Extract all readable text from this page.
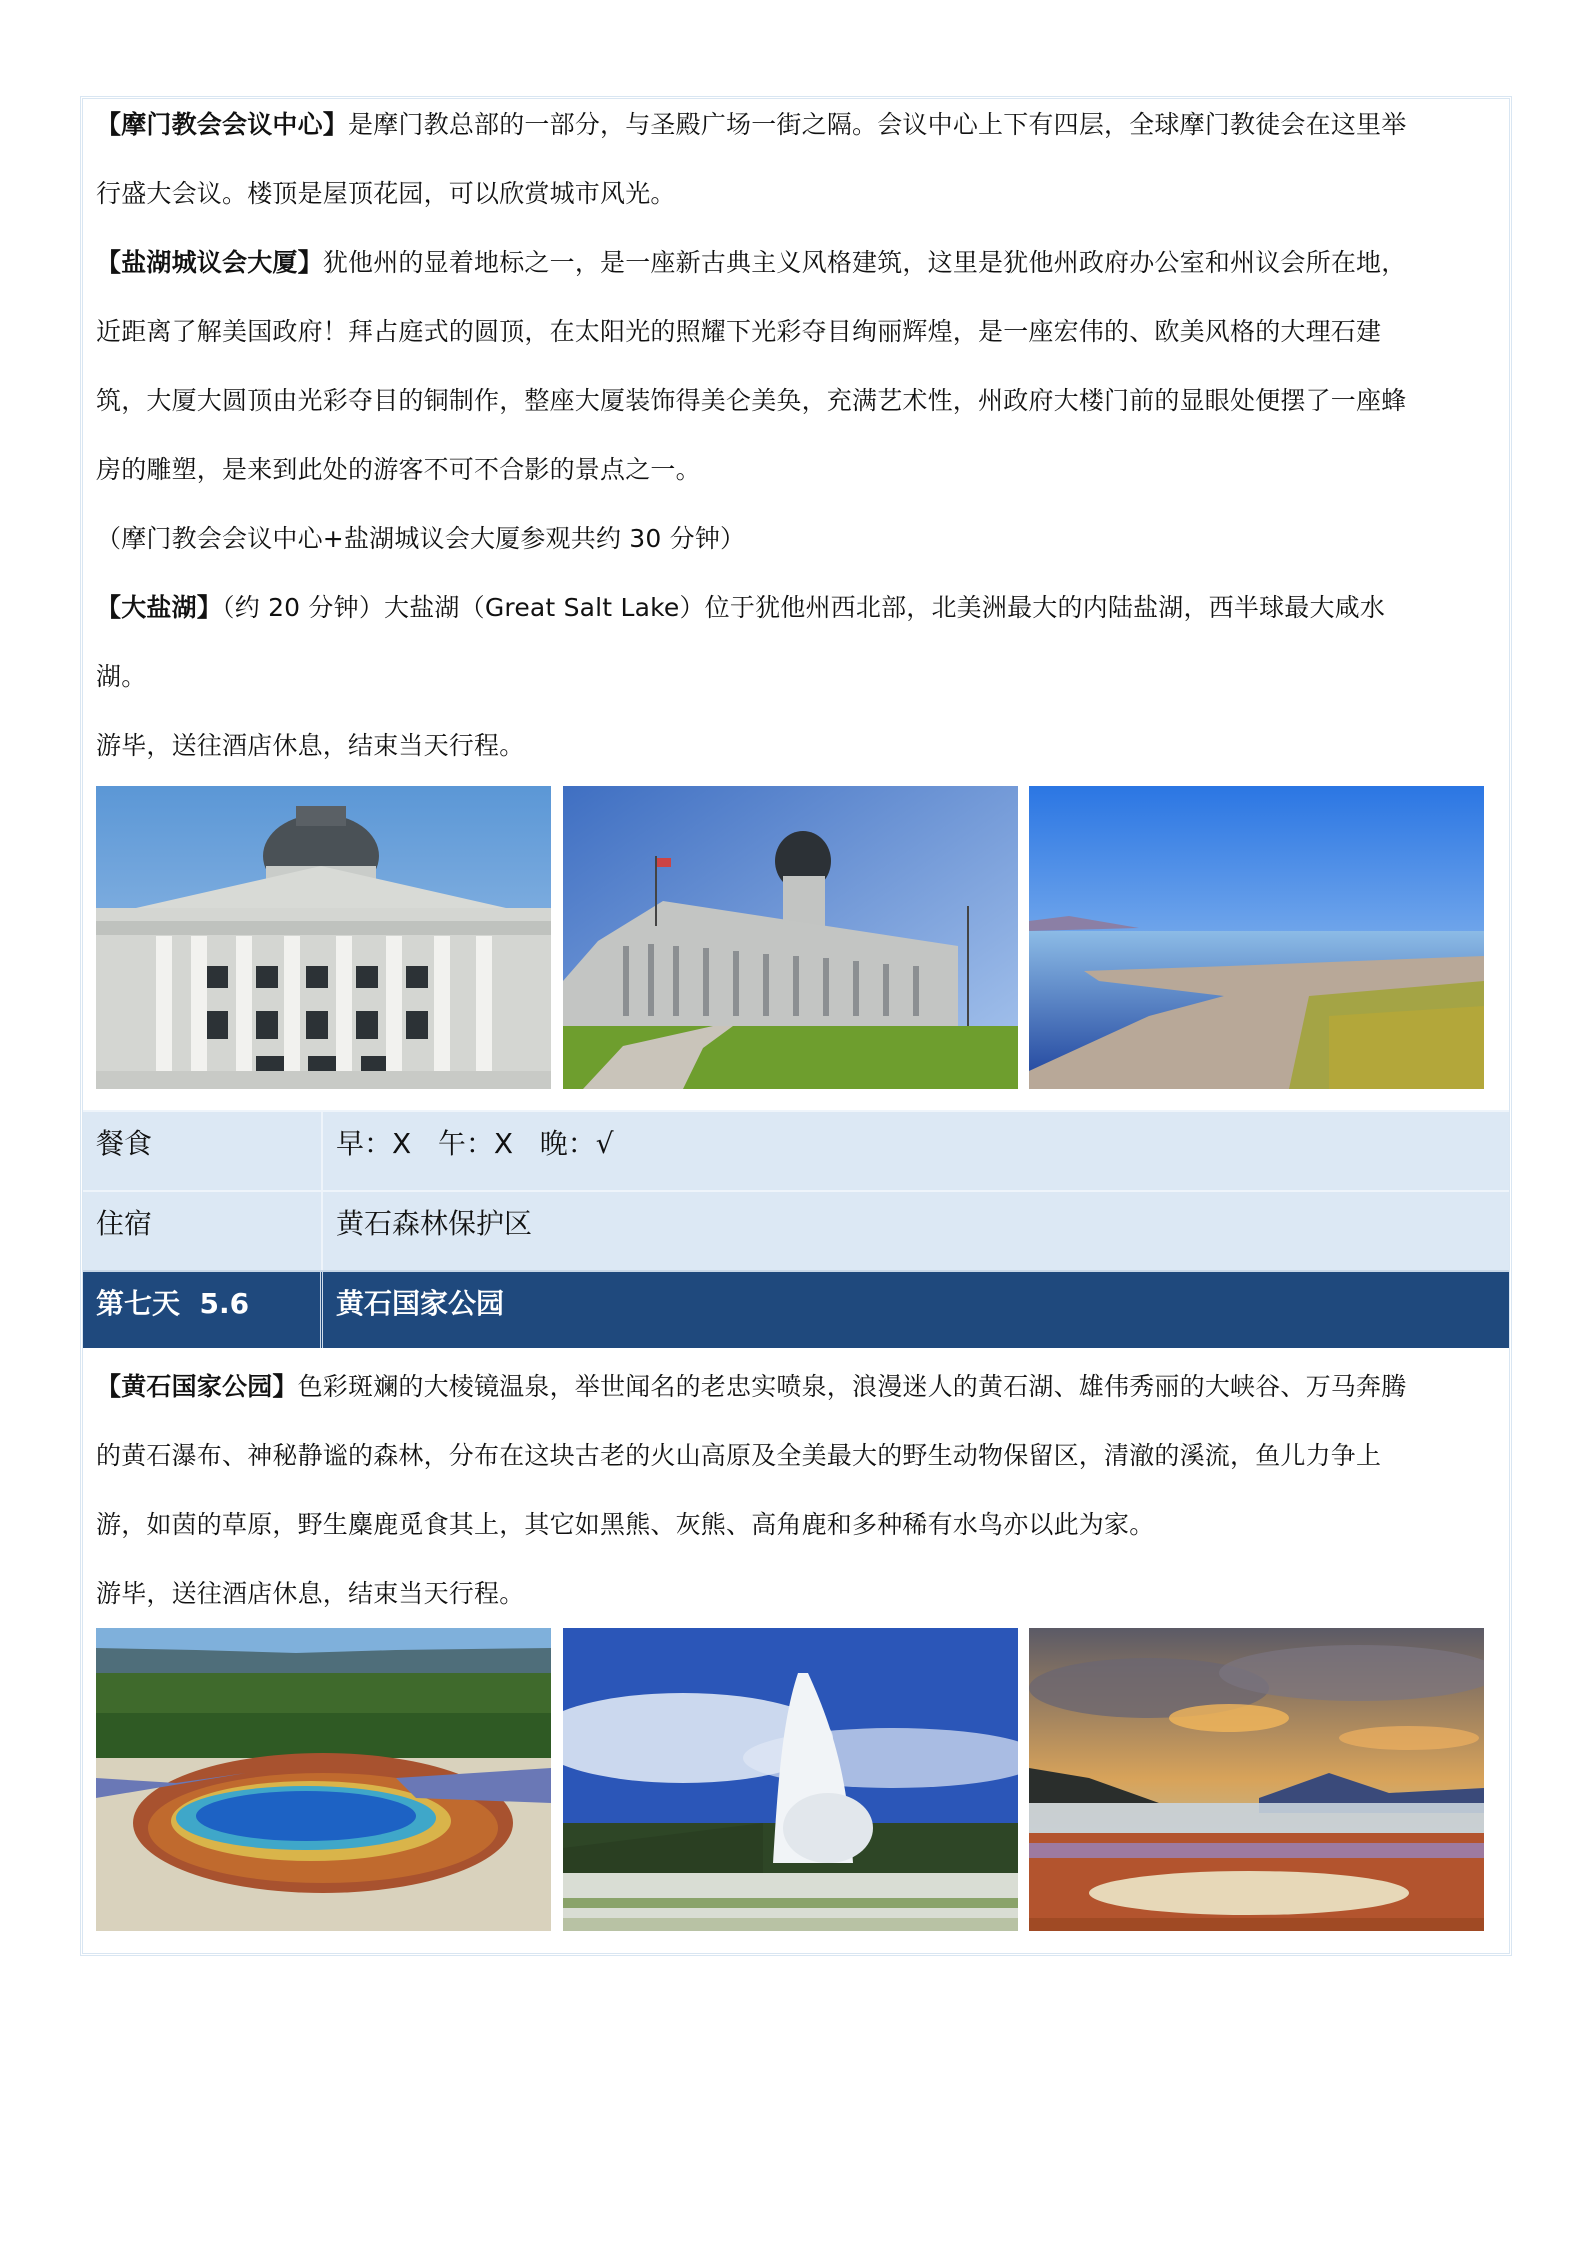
【摩门教会会议中心】是摩门教总部的一部分，与圣殿广场一街之隔。会议中心上下有四层，全球摩门教徒会在这里举
行盛大会议。楼顶是屋顶花园，可以欣赏城市风光。
【盐湖城议会大厦】犹他州的显着地标之一，是一座新古典主义风格建筑，这里是犹他州政府办公室和州议会所在地，
近距离了解美国政府！拜占庭式的圆顶，在太阳光的照耀下光彩夺目绚丽辉煌，是一座宏伟的、欧美风格的大理石建
筑，大厦大圆顶由光彩夺目的铜制作，整座大厦装饰得美仑美奂，充满艺术性，州政府大楼门前的显眼处便摆了一座蜂
房的雕塑，是来到此处的游客不可不合影的景点之一。
（摩门教会会议中心+盐湖城议会大厦参观共约 30 分钟）
【大盐湖】（约 20 分钟）大盐湖（Great Salt Lake）位于犹他州西北部，北美洲最大的内陆盐湖，西半球最大咸水
湖。
游毕，送往酒店休息，结束当天行程。
餐食	早：X   午：X   晚：√
住宿	黄石森林保护区
第七天  5.6	黄石国家公园
【黄石国家公园】色彩斑斓的大棱镜温泉，举世闻名的老忠实喷泉，浪漫迷人的黄石湖、雄伟秀丽的大峡谷、万马奔腾
的黄石瀑布、神秘静谧的森林，分布在这块古老的火山高原及全美最大的野生动物保留区，清澈的溪流，鱼儿力争上
游，如茵的草原，野生麋鹿觅食其上，其它如黑熊、灰熊、高角鹿和多种稀有水鸟亦以此为家。
游毕，送往酒店休息，结束当天行程。
